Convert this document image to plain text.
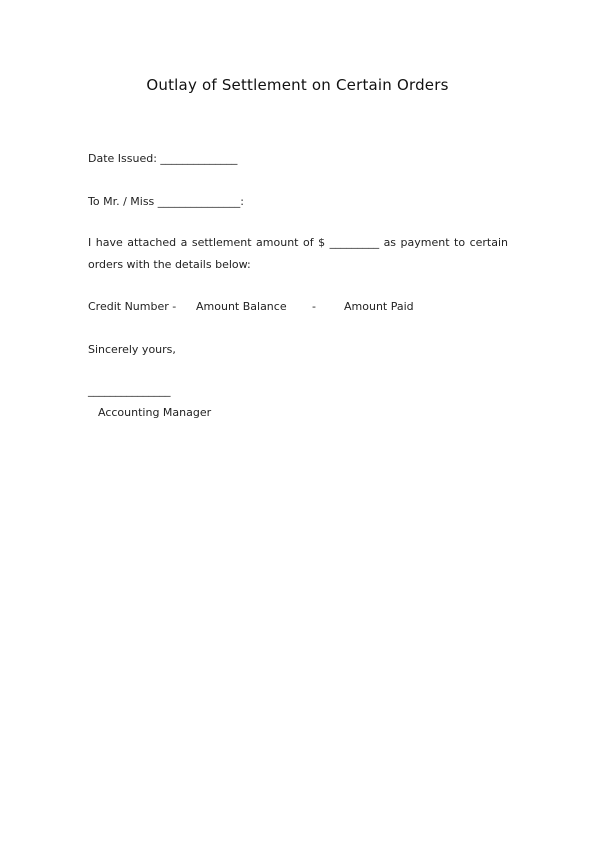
Outlay of Settlement on Certain Orders
Date Issued: ______________
To Mr. / Miss _______________:
I have attached a settlement amount of $ _________ as payment to certain
orders with the details below:
Credit Number - Amount Balance -	Amount Paid
Sincerely yours,
_______________
Accounting Manager
